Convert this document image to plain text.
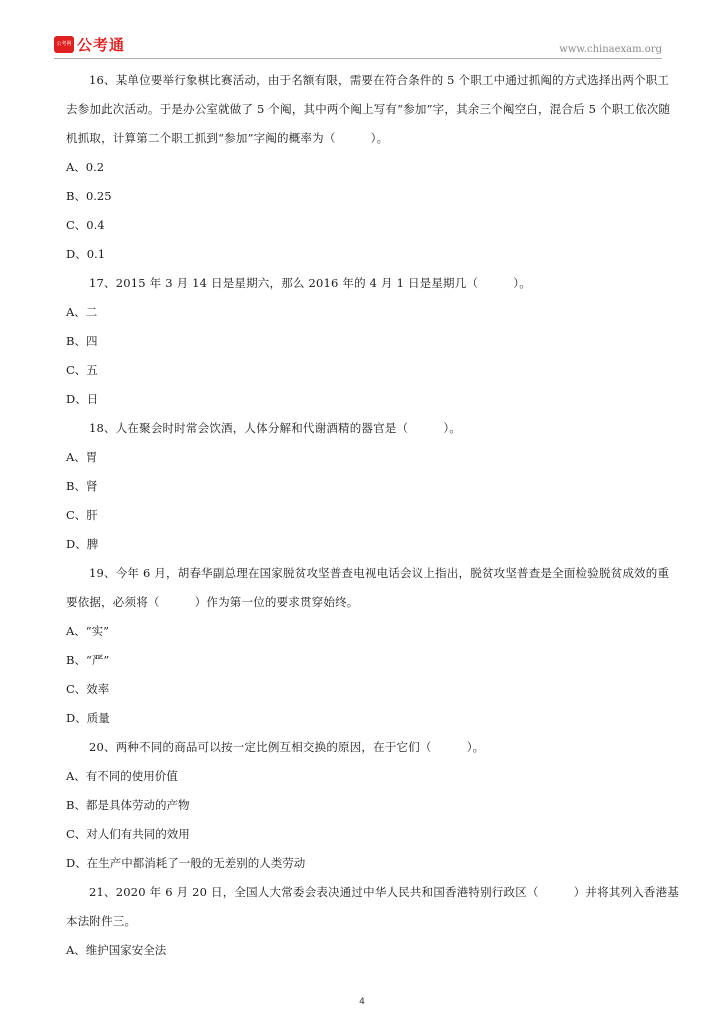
公考网 公考通	www.chinaexam.org

16、某单位要举行象棋比赛活动，由于名额有限，需要在符合条件的 5 个职工中通过抓阄的方式选择出两个职工去参加此次活动。于是办公室就做了 5 个阄，其中两个阄上写有“参加”字，其余三个阄空白，混合后 5 个职工依次随机抓取，计算第二个职工抓到“参加”字阄的概率为（　　　）。

A、0.2

B、0.25

C、0.4

D、0.1

17、2015 年 3 月 14 日是星期六，那么 2016 年的 4 月 1 日是星期几（　　　）。

A、二

B、四

C、五

D、日

18、人在聚会时时常会饮酒，人体分解和代谢酒精的器官是（　　　）。

A、胃

B、肾

C、肝

D、脾

19、今年 6 月，胡春华副总理在国家脱贫攻坚普查电视电话会议上指出，脱贫攻坚普查是全面检验脱贫成效的重要依据，必须将（　　　）作为第一位的要求贯穿始终。

A、“实”

B、“严”

C、效率

D、质量

20、两种不同的商品可以按一定比例互相交换的原因，在于它们（　　　）。

A、有不同的使用价值

B、都是具体劳动的产物

C、对人们有共同的效用

D、在生产中都消耗了一般的无差别的人类劳动

21、2020 年 6 月 20 日，全国人大常委会表决通过中华人民共和国香港特别行政区（　　　）并将其列入香港基本法附件三。

A、维护国家安全法

4
